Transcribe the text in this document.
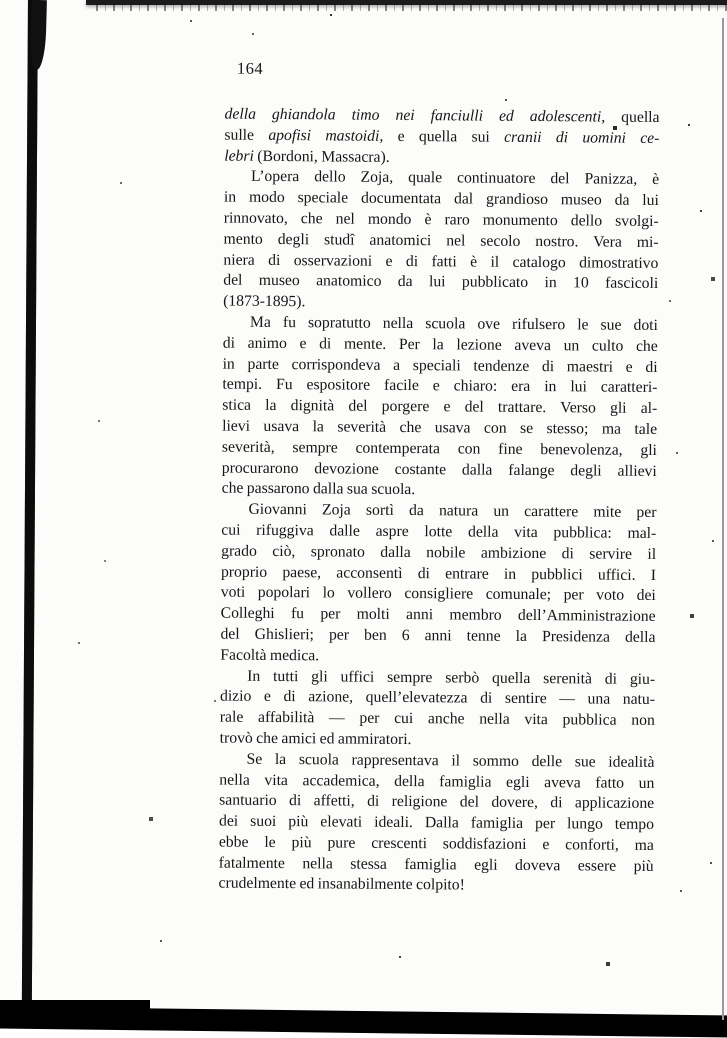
164
della ghiandola timo nei fanciulli ed adolescenti, quella
sulle apofisi mastoidi, e quella sui cranii di uomini ce-
lebri (Bordoni, Massacra).
L’opera dello Zoja, quale continuatore del Panizza, è
in modo speciale documentata dal grandioso museo da lui
rinnovato, che nel mondo è raro monumento dello svolgi-
mento degli studî anatomici nel secolo nostro. Vera mi-
niera di osservazioni e di fatti è il catalogo dimostrativo
del museo anatomico da lui pubblicato in 10 fascicoli
(1873-1895).
Ma fu sopratutto nella scuola ove rifulsero le sue doti
di animo e di mente. Per la lezione aveva un culto che
in parte corrispondeva a speciali tendenze di maestri e di
tempi. Fu espositore facile e chiaro: era in lui caratteri-
stica la dignità del porgere e del trattare. Verso gli al-
lievi usava la severità che usava con se stesso; ma tale
severità, sempre contemperata con fine benevolenza, gli
procurarono devozione costante dalla falange degli allievi
che passarono dalla sua scuola.
Giovanni Zoja sortì da natura un carattere mite per
cui rifuggiva dalle aspre lotte della vita pubblica: mal-
grado ciò, spronato dalla nobile ambizione di servire il
proprio paese, acconsentì di entrare in pubblici uffici. I
voti popolari lo vollero consigliere comunale; per voto dei
Colleghi fu per molti anni membro dell’Amministrazione
del Ghislieri; per ben 6 anni tenne la Presidenza della
Facoltà medica.
In tutti gli uffici sempre serbò quella serenità di giu-
dizio e di azione, quell’elevatezza di sentire — una natu-
rale affabilità — per cui anche nella vita pubblica non
trovò che amici ed ammiratori.
Se la scuola rappresentava il sommo delle sue idealità
nella vita accademica, della famiglia egli aveva fatto un
santuario di affetti, di religione del dovere, di applicazione
dei suoi più elevati ideali. Dalla famiglia per lungo tempo
ebbe le più pure crescenti soddisfazioni e conforti, ma
fatalmente nella stessa famiglia egli doveva essere più
crudelmente ed insanabilmente colpito!
